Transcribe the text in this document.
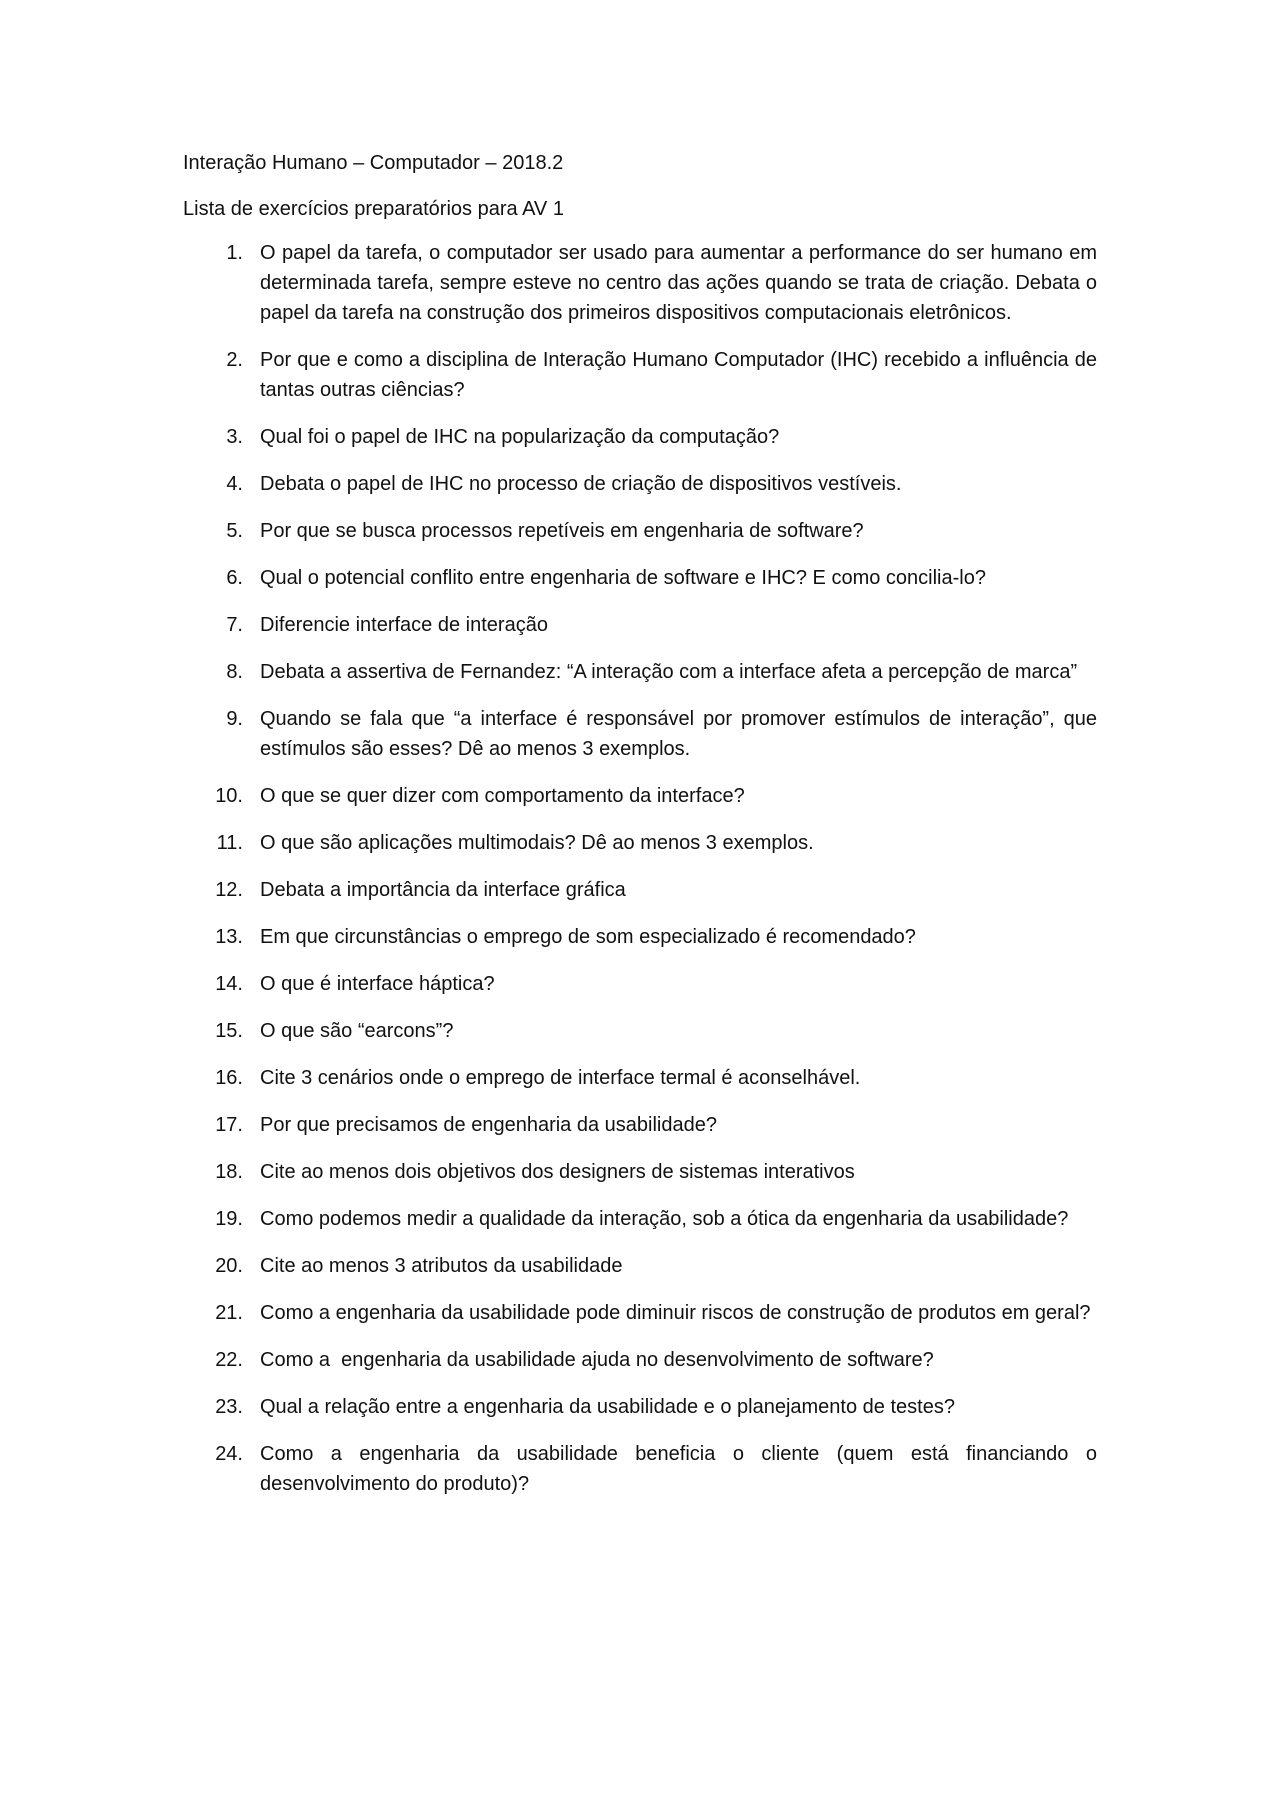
Interação Humano – Computador – 2018.2

Lista de exercícios preparatórios para AV 1

1. O papel da tarefa, o computador ser usado para aumentar a performance do ser humano em determinada tarefa, sempre esteve no centro das ações quando se trata de criação. Debata o papel da tarefa na construção dos primeiros dispositivos computacionais eletrônicos.
2. Por que e como a disciplina de Interação Humano Computador (IHC) recebido a influência de tantas outras ciências?
3. Qual foi o papel de IHC na popularização da computação?
4. Debata o papel de IHC no processo de criação de dispositivos vestíveis.
5. Por que se busca processos repetíveis em engenharia de software?
6. Qual o potencial conflito entre engenharia de software e IHC? E como concilia-lo?
7. Diferencie interface de interação
8. Debata a assertiva de Fernandez: “A interação com a interface afeta a percepção de marca”
9. Quando se fala que “a interface é responsável por promover estímulos de interação”, que estímulos são esses? Dê ao menos 3 exemplos.
10. O que se quer dizer com comportamento da interface?
11. O que são aplicações multimodais? Dê ao menos 3 exemplos.
12. Debata a importância da interface gráfica
13. Em que circunstâncias o emprego de som especializado é recomendado?
14. O que é interface háptica?
15. O que são “earcons”?
16. Cite 3 cenários onde o emprego de interface termal é aconselhável.
17. Por que precisamos de engenharia da usabilidade?
18. Cite ao menos dois objetivos dos designers de sistemas interativos
19. Como podemos medir a qualidade da interação, sob a ótica da engenharia da usabilidade?
20. Cite ao menos 3 atributos da usabilidade
21. Como a engenharia da usabilidade pode diminuir riscos de construção de produtos em geral?
22. Como a  engenharia da usabilidade ajuda no desenvolvimento de software?
23. Qual a relação entre a engenharia da usabilidade e o planejamento de testes?
24. Como a engenharia da usabilidade beneficia o cliente (quem está financiando o desenvolvimento do produto)?
